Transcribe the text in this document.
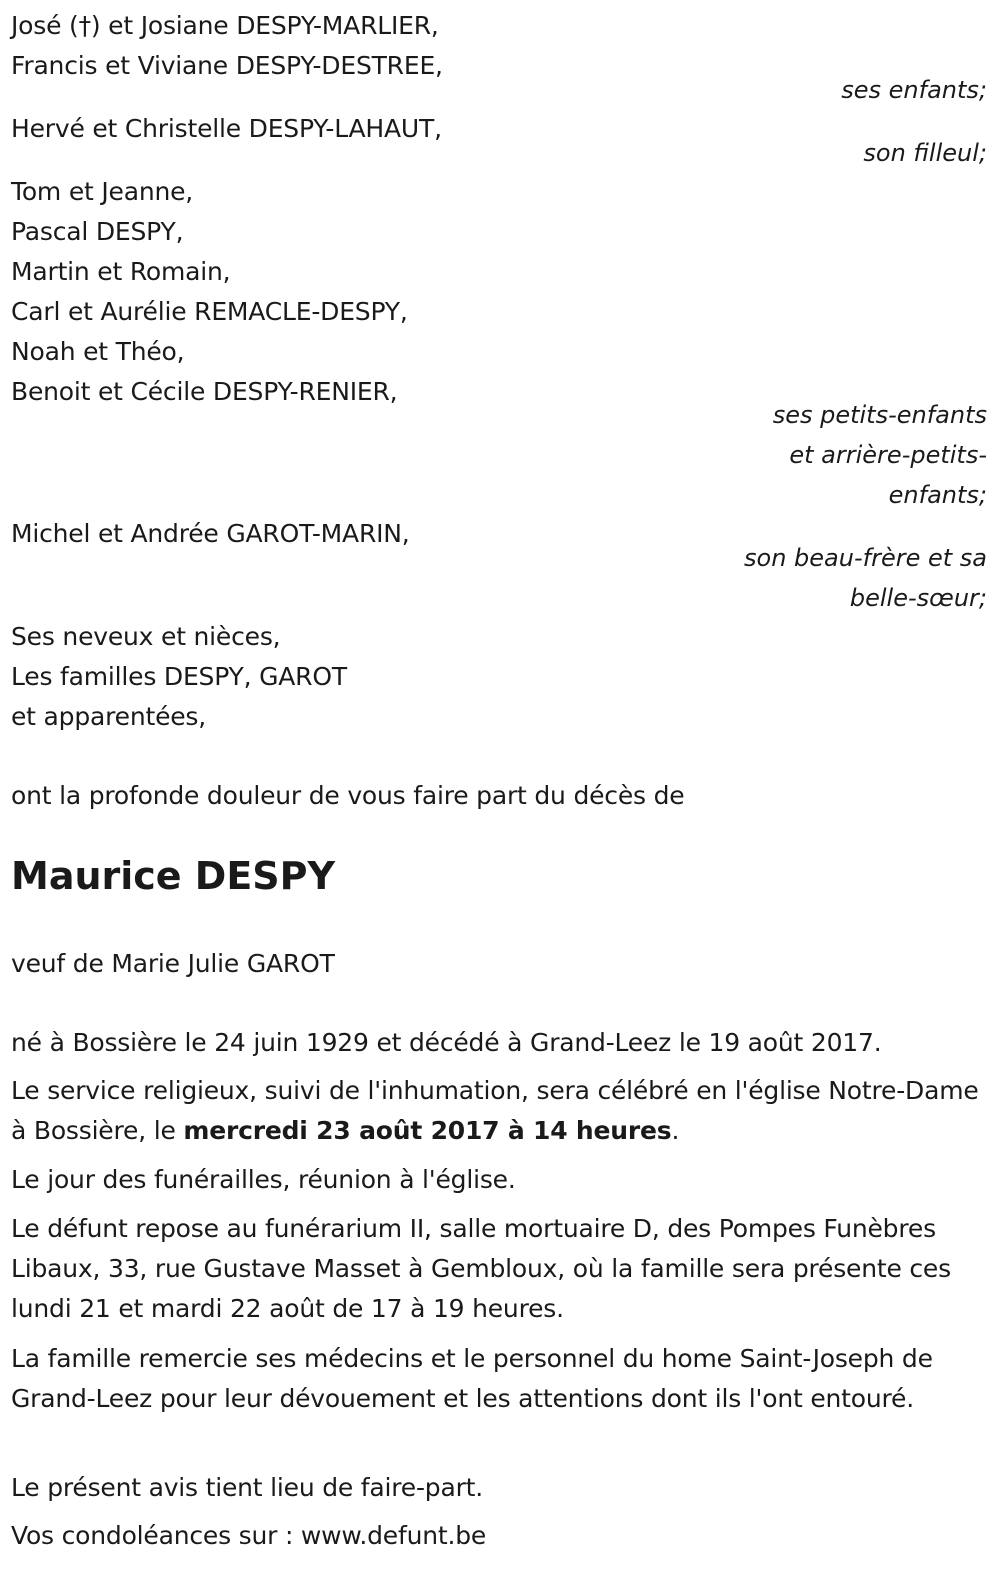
José (†) et Josiane DESPY-MARLIER,
Francis et Viviane DESPY-DESTREE,
ses enfants;
Hervé et Christelle DESPY-LAHAUT,
son filleul;
Tom et Jeanne,
Pascal DESPY,
Martin et Romain,
Carl et Aurélie REMACLE-DESPY,
Noah et Théo,
Benoit et Cécile DESPY-RENIER,
ses petits-enfants
et arrière-petits-
enfants;
Michel et Andrée GAROT-MARIN,
son beau-frère et sa
belle-sœur;
Ses neveux et nièces,
Les familles DESPY, GAROT
et apparentées,
ont la profonde douleur de vous faire part du décès de
Maurice DESPY
veuf de Marie Julie GAROT
né à Bossière le 24 juin 1929 et décédé à Grand-Leez le 19 août 2017.
Le service religieux, suivi de l'inhumation, sera célébré en l'église Notre-Dame à Bossière, le mercredi 23 août 2017 à 14 heures.
Le jour des funérailles, réunion à l'église.
Le défunt repose au funérarium II, salle mortuaire D, des Pompes Funèbres Libaux, 33, rue Gustave Masset à Gembloux, où la famille sera présente ces lundi 21 et mardi 22 août de 17 à 19 heures.
La famille remercie ses médecins et le personnel du home Saint-Joseph de Grand-Leez pour leur dévouement et les attentions dont ils l'ont entouré.
Le présent avis tient lieu de faire-part.
Vos condoléances sur : www.defunt.be
